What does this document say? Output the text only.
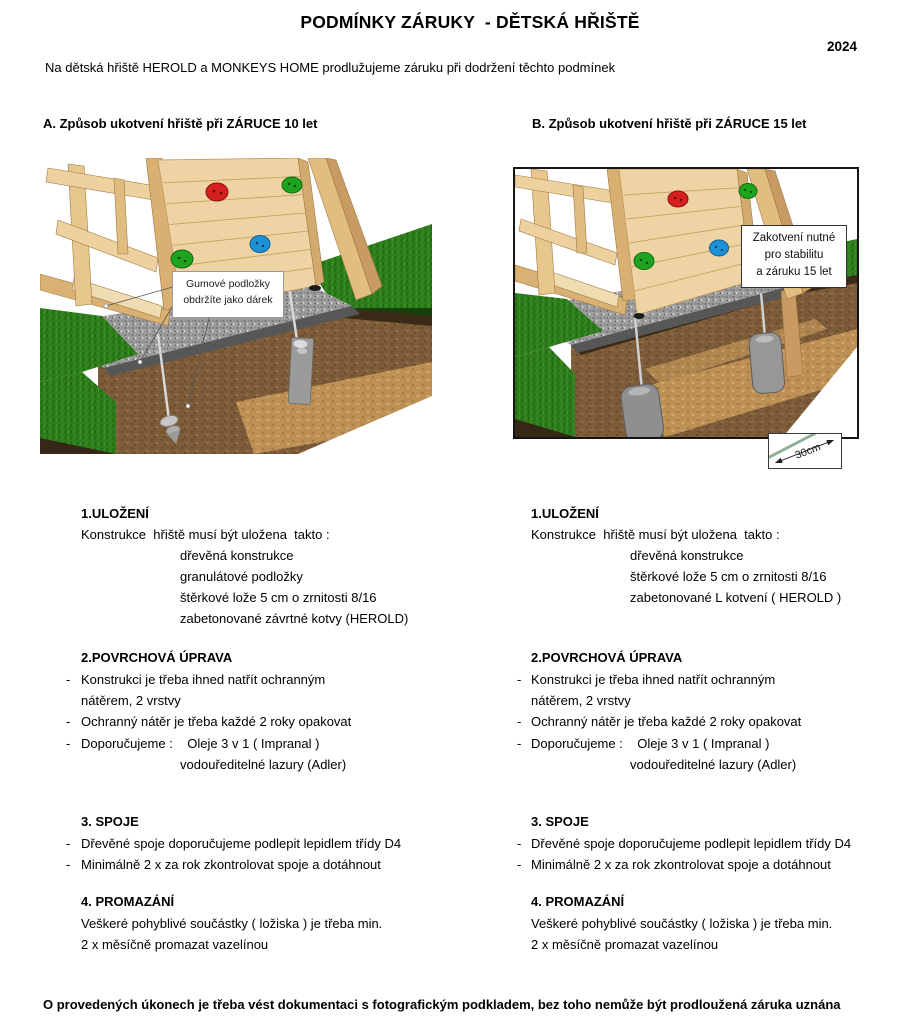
PODMÍNKY ZÁRUKY  - DĚTSKÁ HŘIŠTĚ
2024
Na dětská hřiště HEROLD a MONKEYS HOME prodlužujeme záruku při dodržení těchto podmínek
A. Způsob ukotvení hřiště při ZÁRUCE 10 let	B. Způsob ukotvení hřiště při ZÁRUCE 15 let
Gumové podložky
obdržíte jako dárek
Zakotvení nutné
pro stabilitu
a záruku 15 let
30cm
1.ULOŽENÍ
Konstrukce  hřiště musí být uložena  takto :
dřevěná konstrukce
granulátové podložky
štěrkové lože 5 cm o zrnitosti 8/16
zabetonované závrtné kotvy (HEROLD)
2.POVRCHOVÁ ÚPRAVA
- Konstrukci je třeba ihned natřít ochranným
nátěrem, 2 vrstvy
- Ochranný nátěr je třeba každé 2 roky opakovat
- Doporučujeme :    Oleje 3 v 1 ( Impranal )
vodouředitelné lazury (Adler)
3. SPOJE
- Dřevěné spoje doporučujeme podlepit lepidlem třídy D4
- Minimálně 2 x za rok zkontrolovat spoje a dotáhnout
4. PROMAZÁNÍ
Veškeré pohyblivé součástky ( ložiska ) je třeba min.
2 x měsíčně promazat vazelínou
1.ULOŽENÍ
Konstrukce  hřiště musí být uložena  takto :
dřevěná konstrukce
štěrkové lože 5 cm o zrnitosti 8/16
zabetonované L kotvení ( HEROLD )
2.POVRCHOVÁ ÚPRAVA
- Konstrukci je třeba ihned natřít ochranným
nátěrem, 2 vrstvy
- Ochranný nátěr je třeba každé 2 roky opakovat
- Doporučujeme :    Oleje 3 v 1 ( Impranal )
vodouředitelné lazury (Adler)
3. SPOJE
- Dřevěné spoje doporučujeme podlepit lepidlem třídy D4
- Minimálně 2 x za rok zkontrolovat spoje a dotáhnout
4. PROMAZÁNÍ
Veškeré pohyblivé součástky ( ložiska ) je třeba min.
2 x měsíčně promazat vazelínou
O provedených úkonech je třeba vést dokumentaci s fotografickým podkladem, bez toho nemůže být prodloužená záruka uznána
